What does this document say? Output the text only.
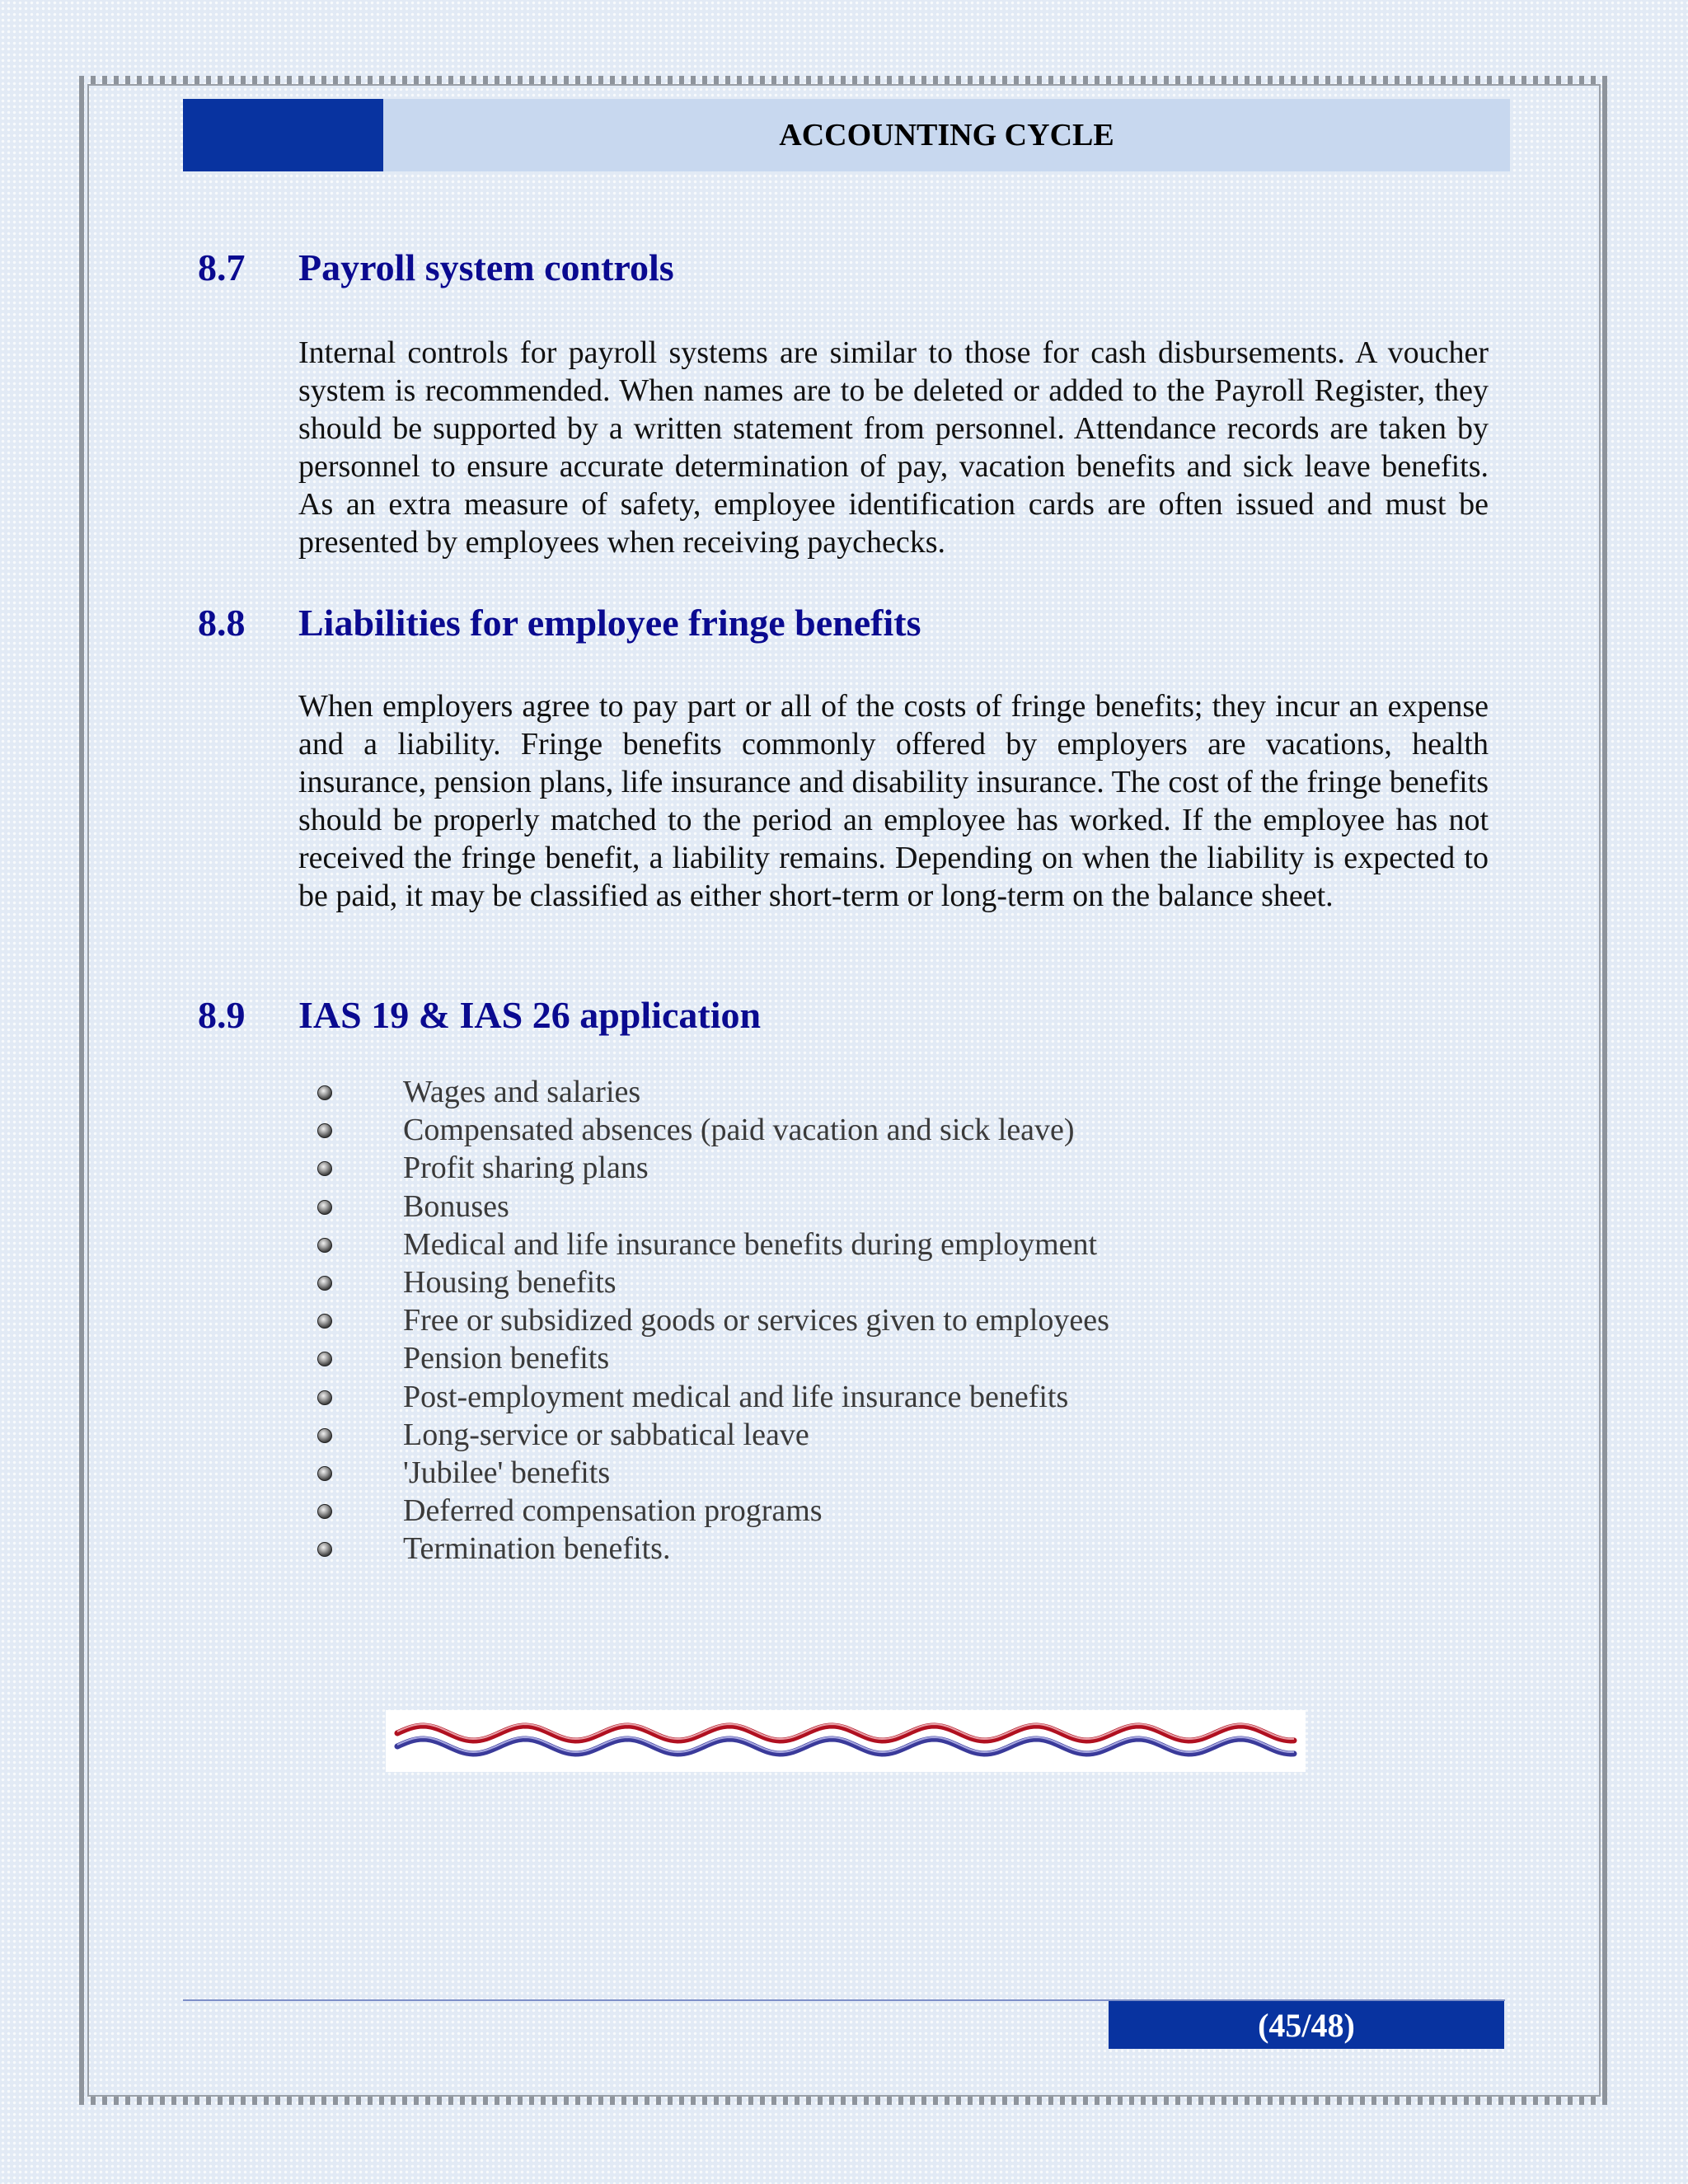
ACCOUNTING CYCLE
8.7 Payroll system controls

Internal controls for payroll systems are similar to those for cash disbursements. A voucher system is recommended. When names are to be deleted or added to the Payroll Register, they should be supported by a written statement from personnel. Attendance records are taken by personnel to ensure accurate determination of pay, vacation benefits and sick leave benefits. As an extra measure of safety, employee identification cards are often issued and must be presented by employees when receiving paychecks.

8.8 Liabilities for employee fringe benefits

When employers agree to pay part or all of the costs of fringe benefits; they incur an expense and a liability. Fringe benefits commonly offered by employers are vacations, health insurance, pension plans, life insurance and disability insurance. The cost of the fringe benefits should be properly matched to the period an employee has worked. If the employee has not received the fringe benefit, a liability remains. Depending on when the liability is expected to be paid, it may be classified as either short-term or long-term on the balance sheet.

8.9 IAS 19 & IAS 26 application
Wages and salaries
Compensated absences (paid vacation and sick leave)
Profit sharing plans
Bonuses
Medical and life insurance benefits during employment
Housing benefits
Free or subsidized goods or services given to employees
Pension benefits
Post-employment medical and life insurance benefits
Long-service or sabbatical leave
'Jubilee' benefits
Deferred compensation programs
Termination benefits.
(45/48)
